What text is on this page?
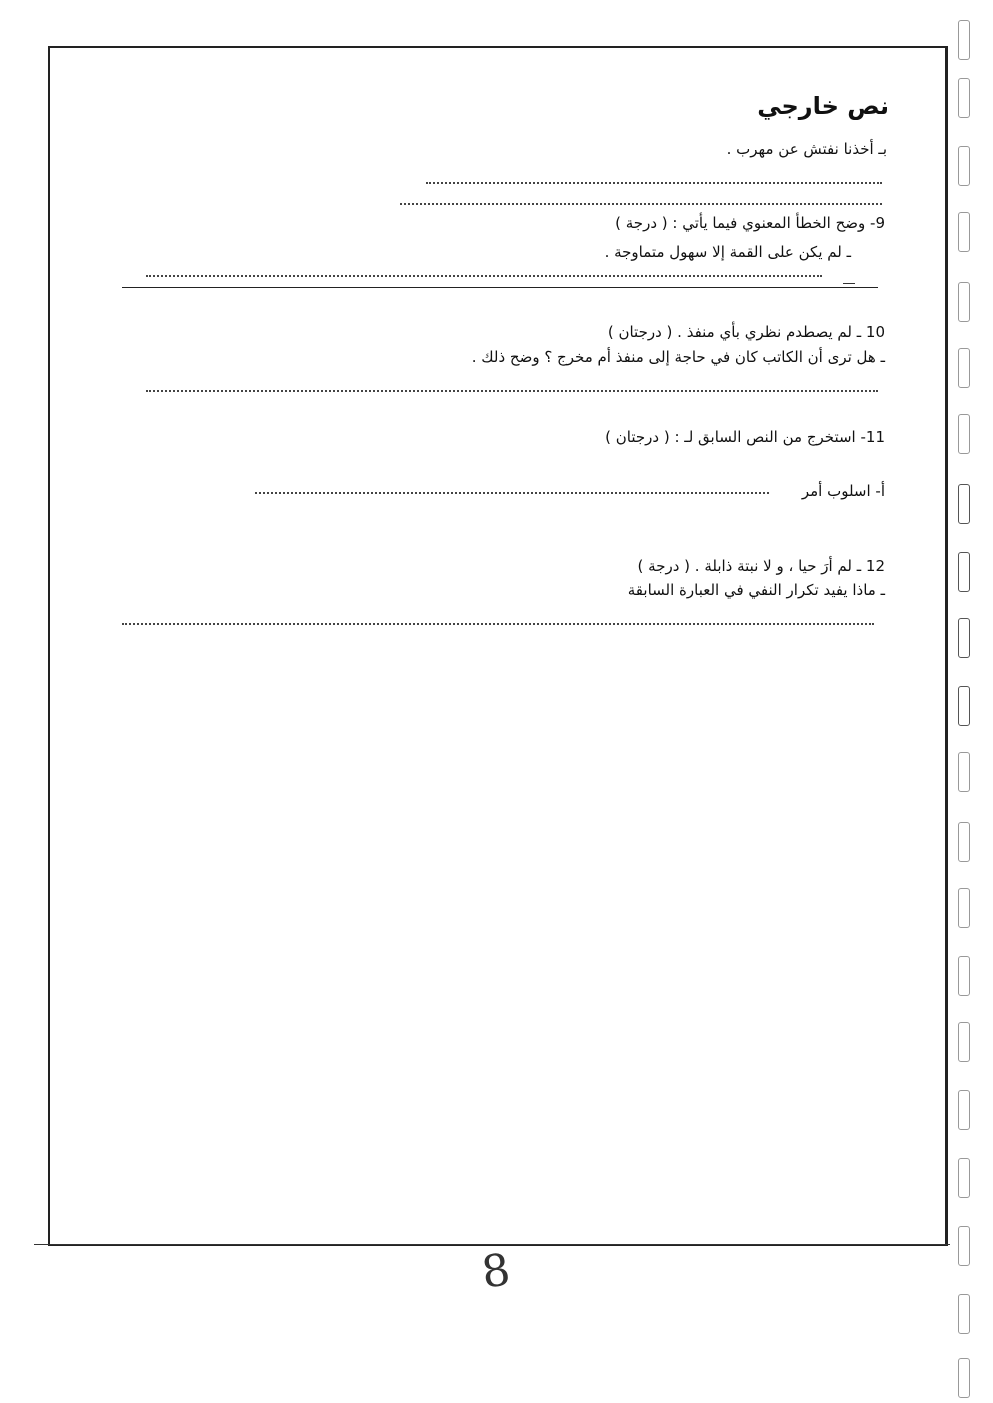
نص خارجي
بـ أخذنا نفتش عن مهرب .
9- وضح الخطأ المعنوي فيما يأتي : ( درجة )
ـ لم يكن على القمة إلا سهول متماوجة .
10 ـ لم يصطدم نظري بأي منفذ . ( درجتان )
ـ هل ترى أن الكاتب كان في حاجة إلى منفذ أم مخرج ؟ وضح ذلك .
11- استخرج من النص السابق لـ : ( درجتان )
أ- اسلوب أمر
12 ـ لم أرَ حيا ، و لا نبتة ذابلة . ( درجة )
ـ ماذا يفيد تكرار النفي في العبارة السابقة
8
